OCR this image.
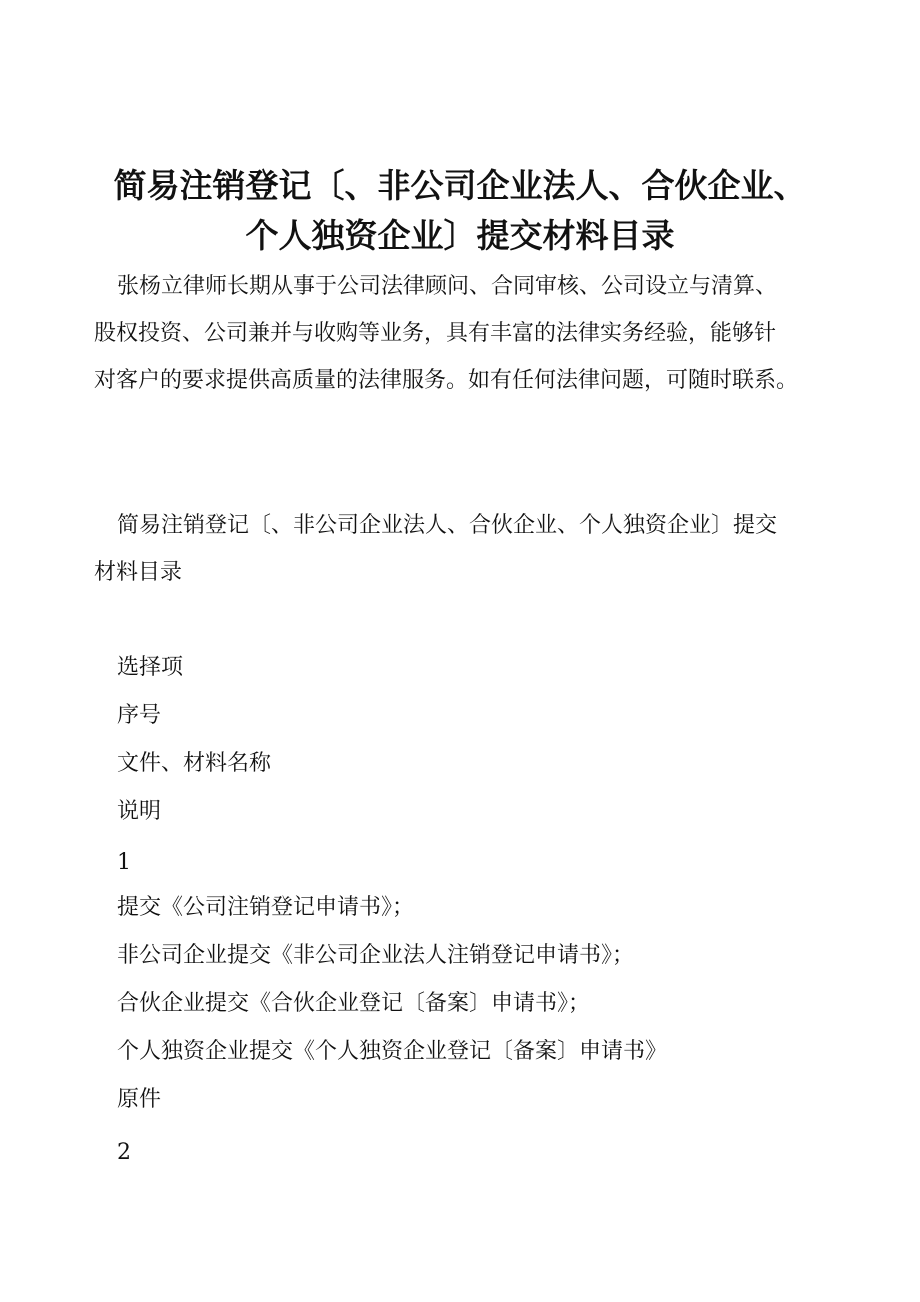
简易注销登记〔、非公司企业法人、合伙企业、
个人独资企业〕提交材料目录

张杨立律师长期从事于公司法律顾问、合同审核、公司设立与清算、

股权投资、公司兼并与收购等业务，具有丰富的法律实务经验，能够针

对客户的要求提供高质量的法律服务。如有任何法律问题，可随时联系。

简易注销登记〔、非公司企业法人、合伙企业、个人独资企业〕提交

材料目录

选择项

序号

文件、材料名称

说明

1

提交《公司注销登记申请书》；

非公司企业提交《非公司企业法人注销登记申请书》；

合伙企业提交《合伙企业登记〔备案〕申请书》；

个人独资企业提交《个人独资企业登记〔备案〕申请书》

原件

2
